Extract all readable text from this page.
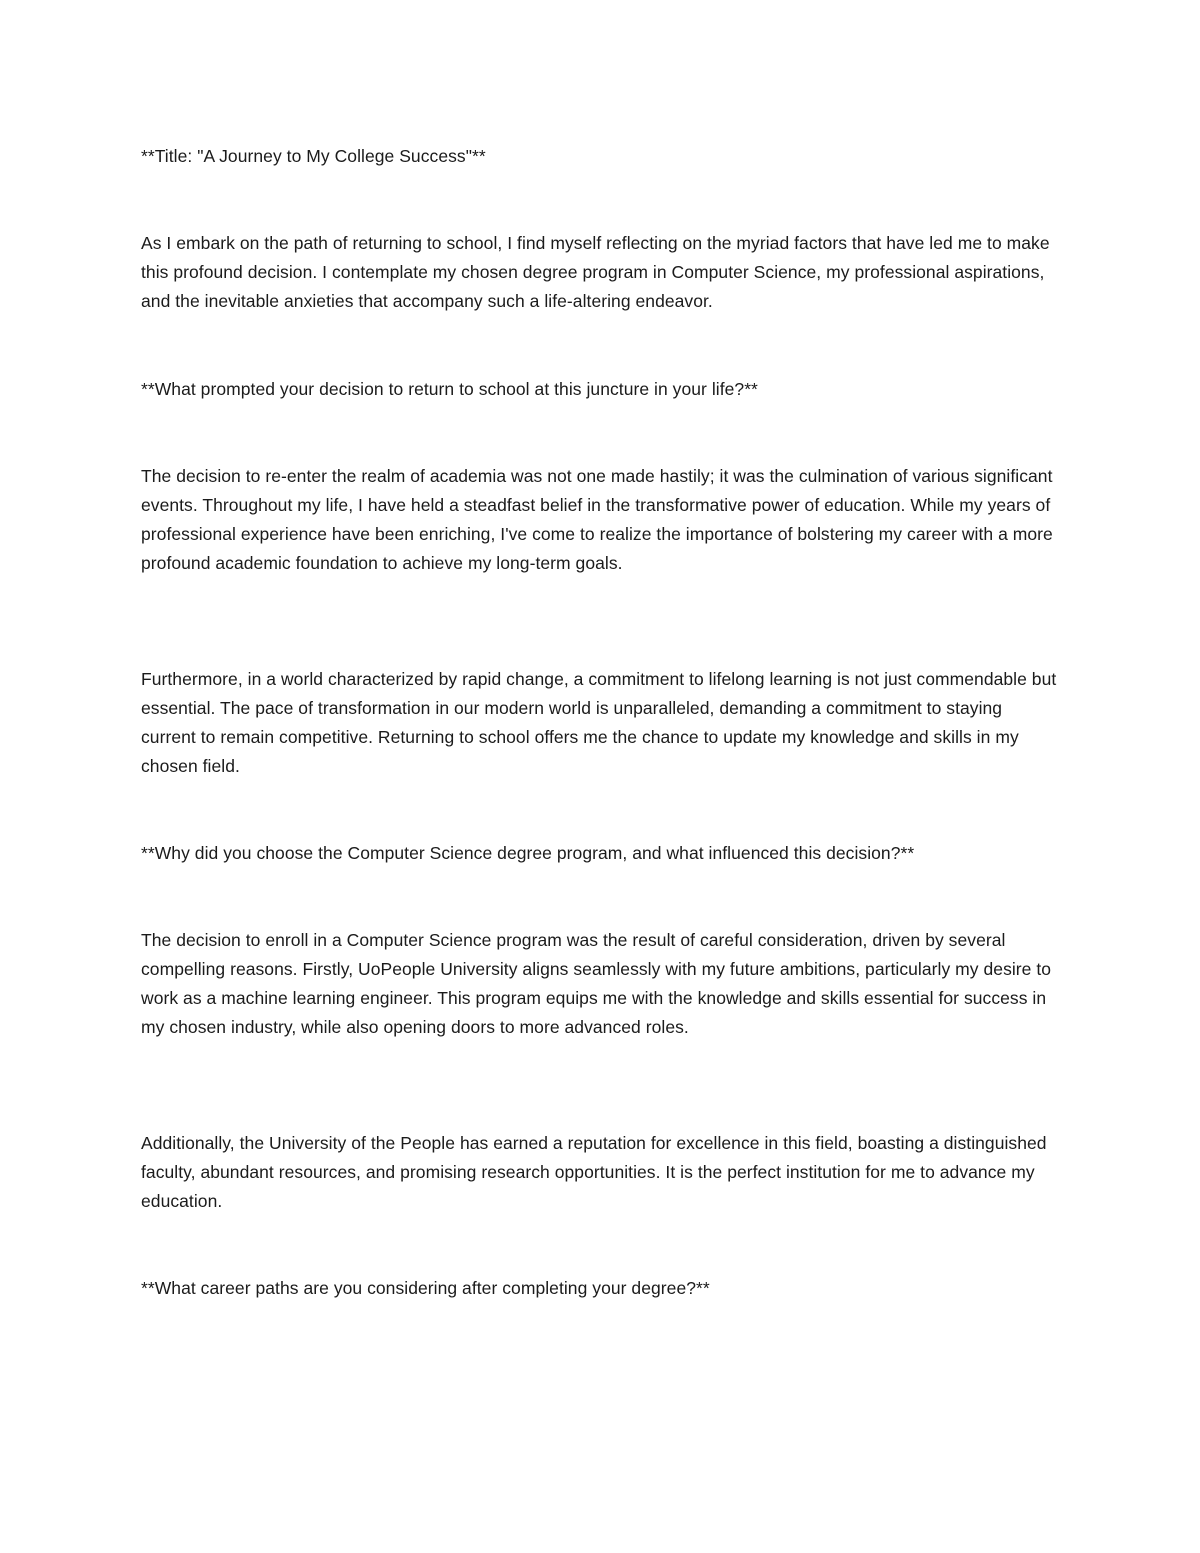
**Title: "A Journey to My College Success"**

As I embark on the path of returning to school, I find myself reflecting on the myriad factors that have led me to make this profound decision. I contemplate my chosen degree program in Computer Science, my professional aspirations, and the inevitable anxieties that accompany such a life-altering endeavor.

**What prompted your decision to return to school at this juncture in your life?**

The decision to re-enter the realm of academia was not one made hastily; it was the culmination of various significant events. Throughout my life, I have held a steadfast belief in the transformative power of education. While my years of professional experience have been enriching, I've come to realize the importance of bolstering my career with a more profound academic foundation to achieve my long-term goals.

Furthermore, in a world characterized by rapid change, a commitment to lifelong learning is not just commendable but essential. The pace of transformation in our modern world is unparalleled, demanding a commitment to staying current to remain competitive. Returning to school offers me the chance to update my knowledge and skills in my chosen field.

**Why did you choose the Computer Science degree program, and what influenced this decision?**

The decision to enroll in a Computer Science program was the result of careful consideration, driven by several compelling reasons. Firstly, UoPeople University aligns seamlessly with my future ambitions, particularly my desire to work as a machine learning engineer. This program equips me with the knowledge and skills essential for success in my chosen industry, while also opening doors to more advanced roles.

Additionally, the University of the People has earned a reputation for excellence in this field, boasting a distinguished faculty, abundant resources, and promising research opportunities. It is the perfect institution for me to advance my education.

**What career paths are you considering after completing your degree?**
